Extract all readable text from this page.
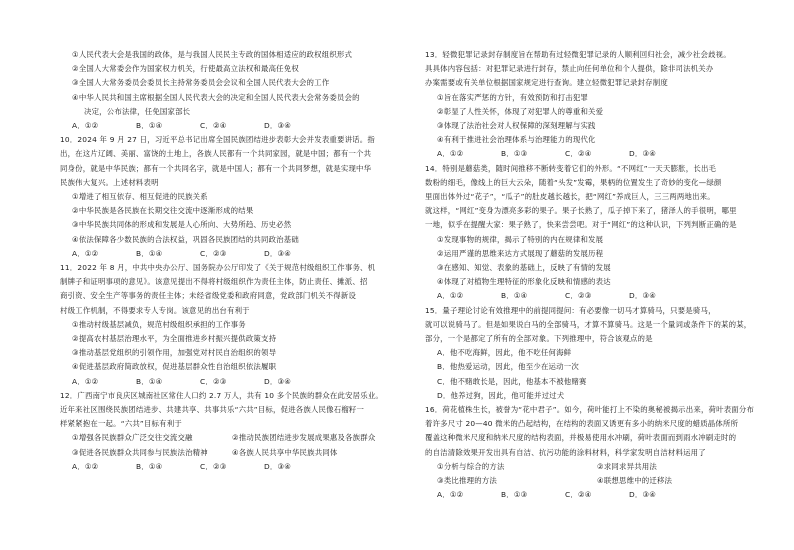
①人民代表大会是我国的政体，是与我国人民民主专政的国体相适应的政权组织形式
②全国人大常委会作为国家权力机关，行使最高立法权和最高任免权
③全国人大常务委员会委员长主持常务委员会会议和全国人民代表大会的工作
④中华人民共和国主席根据全国人民代表大会的决定和全国人民代表大会常务委员会的
决定，公布法律，任免国家部长
A．①②	B．①④	C．②④	D．③④
10．2024 年 9 月 27 日，习近平总书记出席全国民族团结进步表彰大会并发表重要讲话。指
出，在这片辽阔、美丽、富饶的土地上，各族人民都有一个共同家园，就是中国；都有一个共
同身份，就是中华民族；都有一个共同名字，就是中国人；都有一个共同梦想，就是实现中华
民族伟大复兴。上述材料表明
①增进了相互依存、相互促进的民族关系
②中华民族是各民族在长期交往交流中逐渐形成的结果
③中华民族共同体的形成和发展是人心所向、大势所趋、历史必然
④依法保障各少数民族的合法权益，巩固各民族团结的共同政治基础
A．①②	B．①④	C．②③	D．③④
11．2022 年 8 月，中共中央办公厅、国务院办公厅印发了《关于规范村级组织工作事务、机
制牌子和证明事项的意见》。该意见提出不得将村级组织作为责任主体，防止责任、摊派、招
商引资、安全生产等事务的责任主体；未经省级党委和政府同意，党政部门机关不得新设
村级工作机制，不得要求专人专岗。该意见的出台有利于
①推动村级基层减负，规范村级组织承担的工作事务
②提高农村基层治理水平，为全面推进乡村振兴提供政策支持
③推动基层党组织的引领作用，加强党对村民自治组织的领导
④促进基层政府简政放权，促进基层群众性自治组织依法履职
A．①②	B．①④	C．②③	D．③④
12．广西南宁市良庆区城南社区常住人口约 2.7 万人，共有 10 多个民族的群众在此安居乐业。
近年来社区围绕民族团结进步、共建共享、共事共乐“六共”目标，促进各族人民像石榴籽一
样紧紧抱在一起。“六共”目标有利于
①增强各民族群众广泛交往交流交融	②推动民族团结进步发展成果惠及各族群众
③促进各民族群众共同参与民族法治精神	④各族人民共享中华民族共同体
A．①②	B．①④	C．②③	D．③④
13．轻微犯罪记录封存制度旨在帮助有过轻微犯罪记录的人顺利回归社会，减少社会歧视。
具具体内容包括：对犯罪记录进行封存，禁止向任何单位和个人提供，除非司法机关办
办案需要或有关单位根据国家规定进行查询。建立轻微犯罪记录封存制度
①旨在落实严惩的方针，有效预防和打击犯罪
②彰显了人性关怀，体现了对犯罪人的尊重和关爱
③体现了法治社会对人权保障的深刻理解与实践
④有利于推进社会治理体系与治理能力的现代化
A．①②	B．①③	C．②④	D．③④
14．特别是蘑菇类，随时间推移不断转变着它们的外形。“不网红”一天天膨胀，长出毛
数粉的细毛，像线上的巨大云朵，随着“头发”发霉，果柄的位置发生了奇妙的变化—绿颜
里面出体外过“花子”，“瓜子”的肚皮越长越长，把“网红”养成巨人，三三两两地出来。
就这样，“网红”变身为漂亮多彩的果子。果子长熟了，瓜子掉下来了，猪泽人的手很明，哪里
一地，似乎在提醒大家：果子熟了，快来尝尝吧。对于“网红”的这种认识，下列判断正确的是
①发现事物的规律，揭示了特别的内在规律和发展
②运用严谨的思维来达方式展现了蘑菇的发展历程
③在感知、知觉、表象的基础上，反映了有情的发展
④体现了对植物生理特征的形象化反映和情感的表达
A．①②	B．①④	C．②③	D．③④
15．量子理论讨论有效推理中的前提同提问：有必要像一切马才算骑马，只要是骑马，
就可以说骑马了。但是如果说白马的全部骑马，才算不算骑马。这是一个量词或条件下的某的某，
部分，一个是都定了所有的全部对象。下列推理中，符合该观点的是
A．他不吃海鲜，因此，他不吃任何海鲜
B．他热爱运动，因此，他至少在运动一次
C．他不赌敢长是，因此，他基本不被他赌赛
D．他养过狗，因此，他可能并过过犬
16．荷花植株生长，被誉为“花中君子”。如今，荷叶能打上不染的奥秘被揭示出来，荷叶表面分布
着许多尺寸 20—40 微米的凸起结构，在结构的表面又诱更有多小的纳米尺度的蜡质晶体所所
覆盖这种微米尺度和纳米尺度的结构表面，并极易使用水冲刷，荷叶表面而到雨水冲刷走时的
的自洁清除效果开发出具有自洁、抗污功能的涂料材料，科学家发明自洁材料运用了
①分析与综合的方法	②求同求异共用法
③类比推理的方法	④联想思维中的迁移法
A．①②	B．①③	C．②④	D．③④
